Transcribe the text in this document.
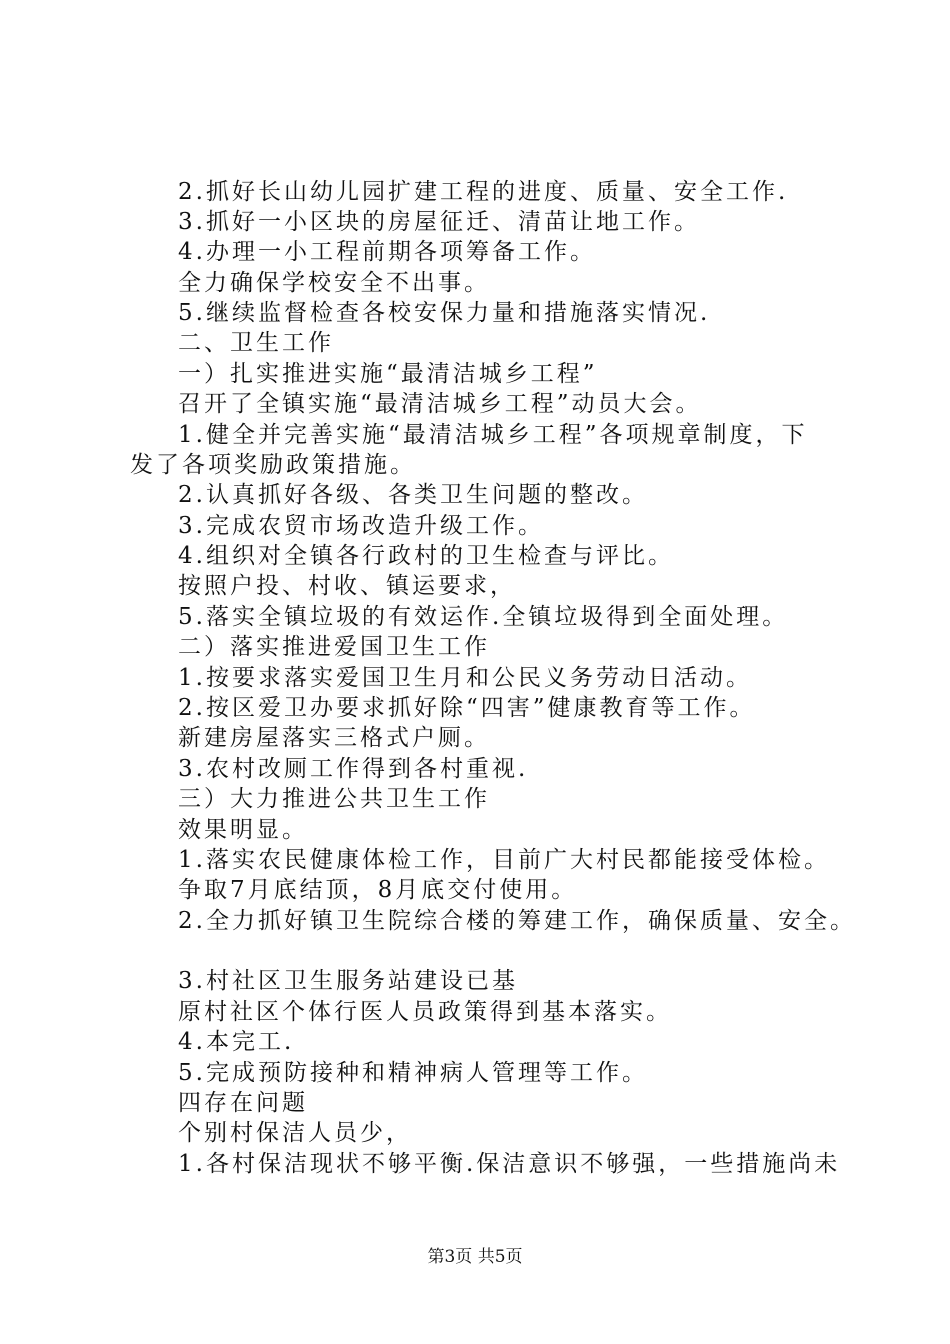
2.抓好长山幼儿园扩建工程的进度、质量、安全工作.
3.抓好一小区块的房屋征迁、清苗让地工作。
4.办理一小工程前期各项筹备工作。
全力确保学校安全不出事。
5.继续监督检查各校安保力量和措施落实情况.
二、卫生工作
一）扎实推进实施“最清洁城乡工程”
召开了全镇实施“最清洁城乡工程”动员大会。
1.健全并完善实施“最清洁城乡工程”各项规章制度，下
发了各项奖励政策措施。
2.认真抓好各级、各类卫生问题的整改。
3.完成农贸市场改造升级工作。
4.组织对全镇各行政村的卫生检查与评比。
按照户投、村收、镇运要求，
5.落实全镇垃圾的有效运作.全镇垃圾得到全面处理。
二）落实推进爱国卫生工作
1.按要求落实爱国卫生月和公民义务劳动日活动。
2.按区爱卫办要求抓好除“四害”健康教育等工作。
新建房屋落实三格式户厕。
3.农村改厕工作得到各村重视.
三）大力推进公共卫生工作
效果明显。
1.落实农民健康体检工作，目前广大村民都能接受体检。
争取7月底结顶，8月底交付使用。
2.全力抓好镇卫生院综合楼的筹建工作，确保质量、安全。
3.村社区卫生服务站建设已基
原村社区个体行医人员政策得到基本落实。
4.本完工.
5.完成预防接种和精神病人管理等工作。
四存在问题
个别村保洁人员少，
1.各村保洁现状不够平衡.保洁意识不够强，一些措施尚未
第3页 共5页
